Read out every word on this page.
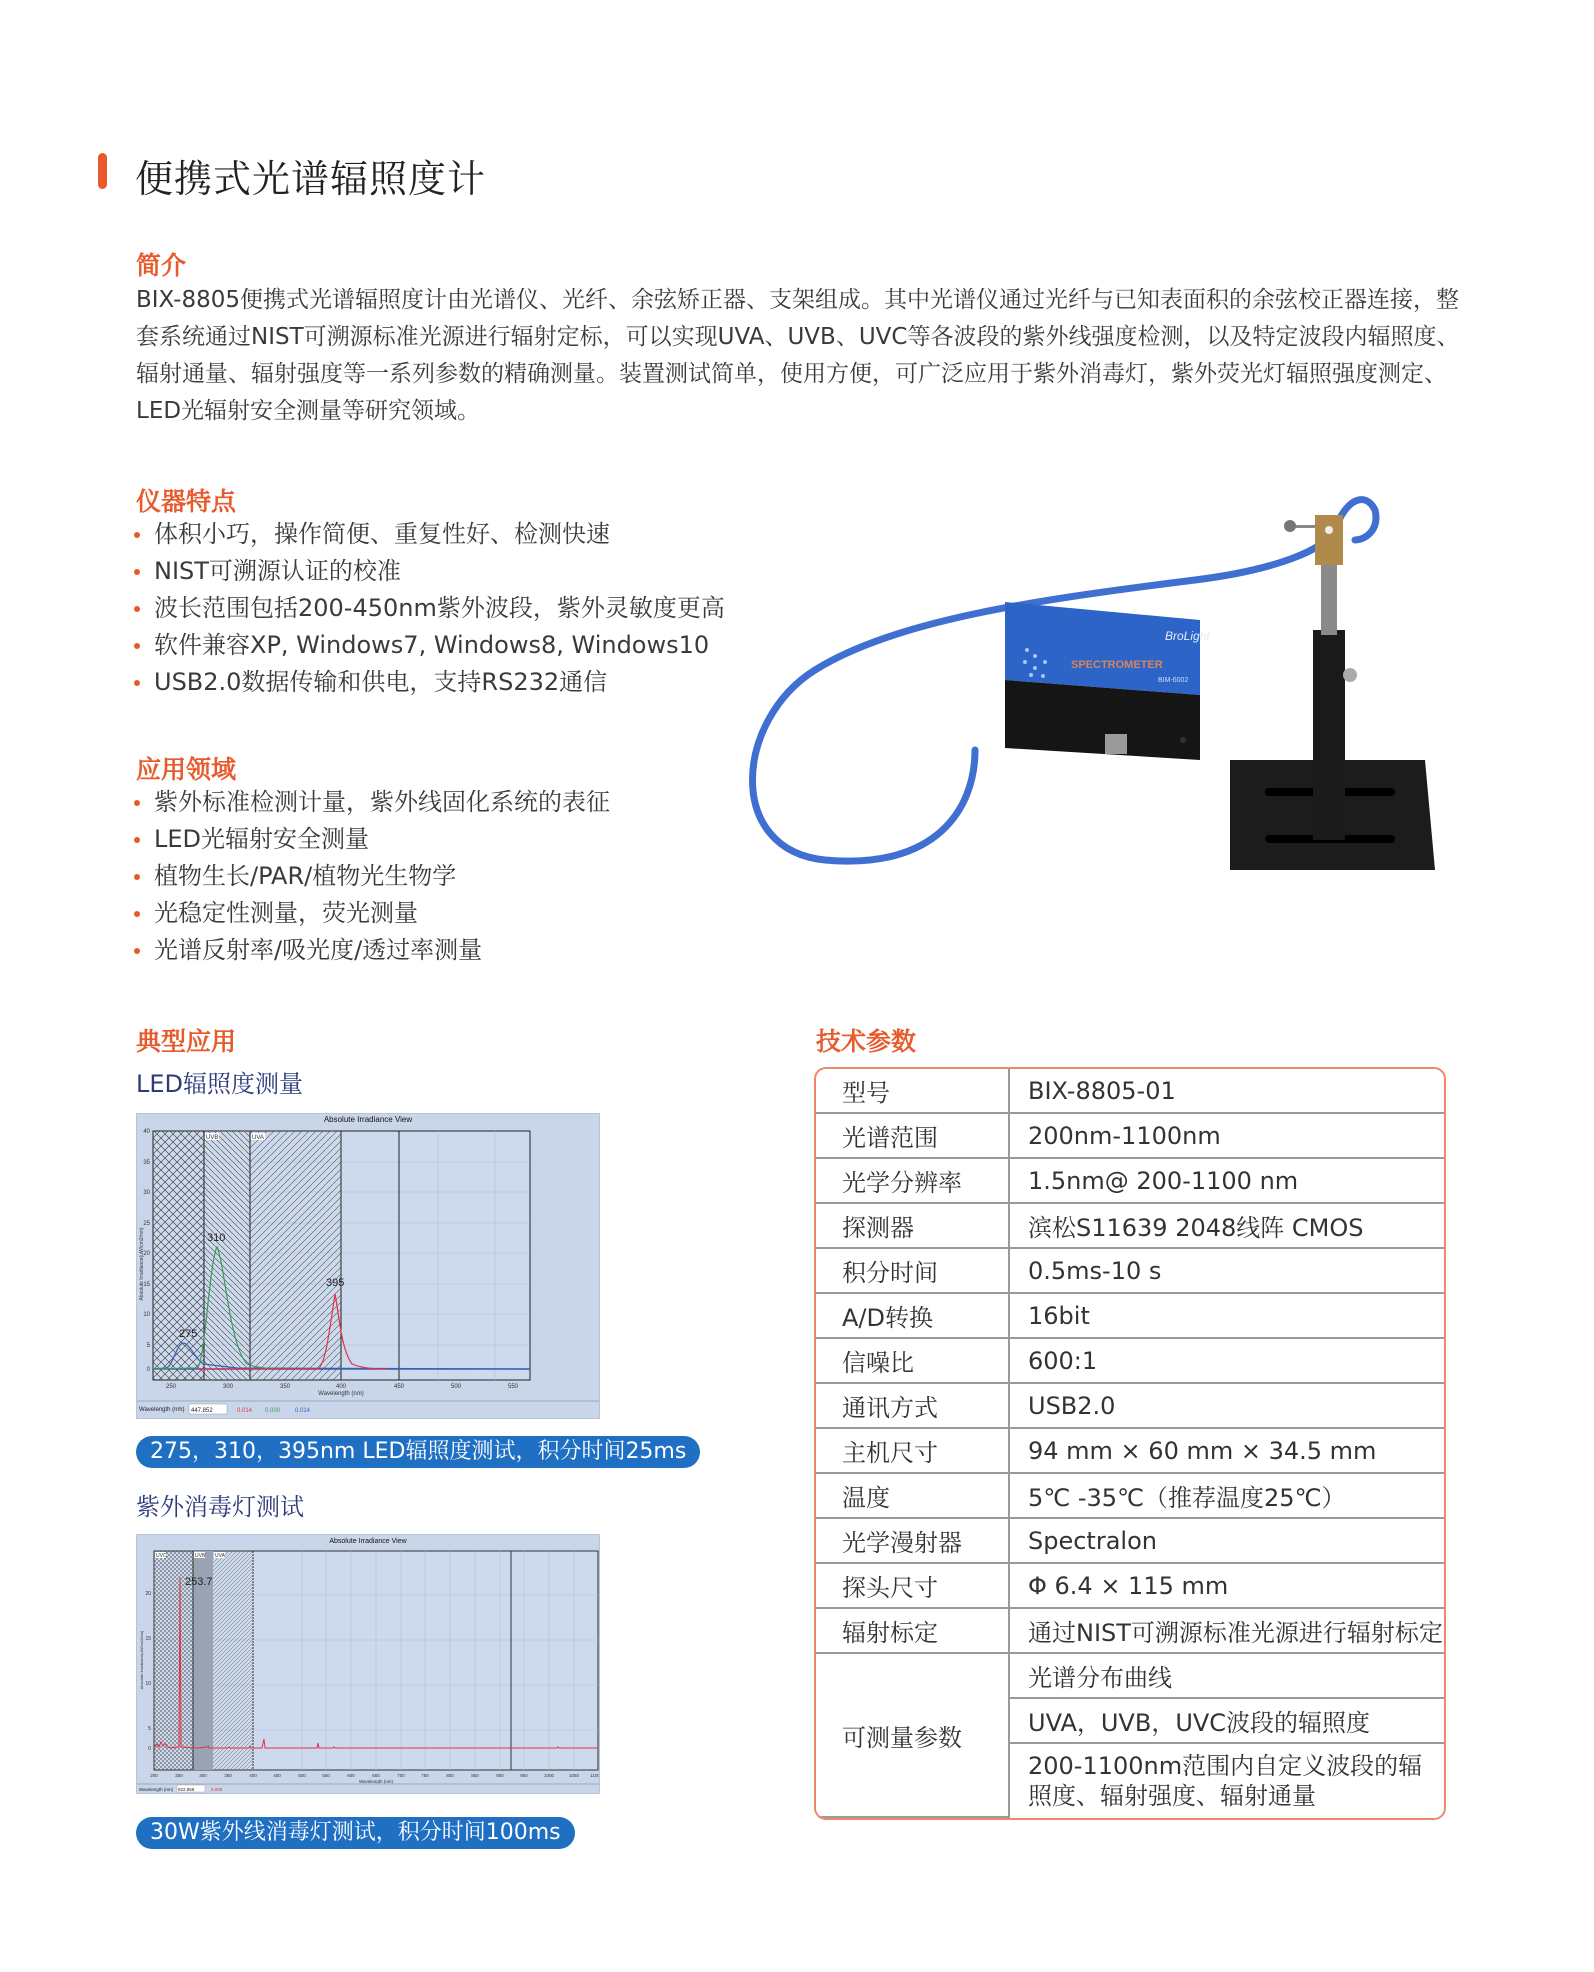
便携式光谱辐照度计
简介
BIX-8805便携式光谱辐照度计由光谱仪、光纤、余弦矫正器、支架组成。其中光谱仪通过光纤与已知表面积的余弦校正器连接，整套系统通过NIST可溯源标准光源进行辐射定标，可以实现UVA、UVB、UVC等各波段的紫外线强度检测，以及特定波段内辐照度、辐射通量、辐射强度等一系列参数的精确测量。装置测试简单，使用方便，可广泛应用于紫外消毒灯，紫外荧光灯辐照强度测定、LED光辐射安全测量等研究领域。
仪器特点
体积小巧，操作简便、重复性好、检测快速
NIST可溯源认证的校准
波长范围包括200-450nm紫外波段，紫外灵敏度更高
软件兼容XP, Windows7, Windows8, Windows10
USB2.0数据传输和供电，支持RS232通信
应用领域
紫外标准检测计量，紫外线固化系统的表征
LED光辐射安全测量
植物生长/PAR/植物光生物学
光稳定性测量，荧光测量
光谱反射率/吸光度/透过率测量
BroLight
SPECTROMETER
BIM-6002
典型应用
LED辐照度测量
Absolute Irradiance View
UVB	UVA
275
310
395
40
35
30
25
20
15
10
5
0
Absolute Irradiance(uW/cm2/nm)
250	300	350	400	450	500	550
Wavelength (nm)
Wavelength (nm) 447.852	0.014 0.000 0.014
275，310，395nm LED辐照度测试，积分时间25ms
紫外消毒灯测试
Absolute Irradiance View
UVC	UVB UVA
253.7
20
15
10
5
0
Absolute Irradiance(uW/cm2/nm)
200	250	300	350	400	450	500	550	600	650	700	750	800	850	900	950	1000	1050 1100
Wavelength (nm)
Wavelength (nm) 922.859	0.006
30W紫外线消毒灯测试，积分时间100ms
技术参数
型号	BIX-8805-01
光谱范围	200nm-1100nm
光学分辨率	1.5nm@ 200-1100 nm
探测器	滨松S11639 2048线阵 CMOS
积分时间	0.5ms-10 s
A/D转换	16bit
信噪比	600:1
通讯方式	USB2.0
主机尺寸	94 mm × 60 mm × 34.5 mm
温度	5℃ -35℃（推荐温度25℃）
光学漫射器	Spectralon
探头尺寸	Φ 6.4 × 115 mm
辐射标定	通过NIST可溯源标准光源进行辐射标定
可测量参数	光谱分布曲线
	UVA，UVB，UVC波段的辐照度
	200-1100nm范围内自定义波段的辐照度、辐射强度、辐射通量
